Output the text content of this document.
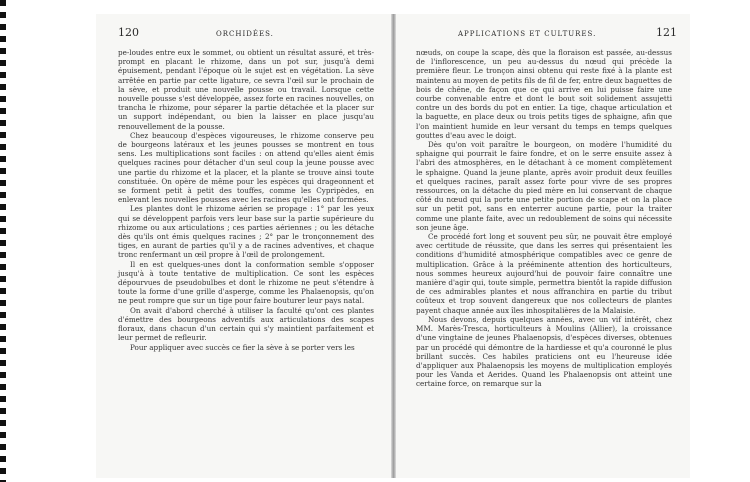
120	ORCHIDÉES.

pe-loudes entre eux le sommet, ou obtient un résultat assuré, et très-prompt en placant le rhizome, dans un pot sur, jusqu'à demi épuisement, pendant l'époque où le sujet est en végétation. La sève arrêtée en partie par cette ligature, ce sevra l'œil sur le prochain de la sève, et produit une nouvelle pousse ou travail. Lorsque cette nouvelle pousse s'est développée, assez forte en racines nouvelles, on trancha le rhizome, pour séparer la partie détachée et la placer sur un support indépendant, ou bien la laisser en place jusqu'au renouvellement de la pousse.

Chez beaucoup d'espèces vigoureuses, le rhizome conserve peu de bourgeons latéraux et les jeunes pousses se montrent en tous sens. Les multiplications sont faciles : on attend qu'elles aient émis quelques racines pour détacher d'un seul coup la jeune pousse avec une partie du rhizome et la placer, et la plante se trouve ainsi toute constituée. On opère de même pour les espèces qui drageonnent et se forment petit à petit des touffes, comme les Cypripèdes, en enlevant les nouvelles pousses avec les racines qu'elles ont formées.

Les plantes dont le rhizome aérien se propage : 1° par les yeux qui se développent parfois vers leur base sur la partie supérieure du rhizome ou aux articulations ; ces parties aériennes ; ou les détache dès qu'ils ont émis quelques racines ; 2° par le tronçonnement des tiges, en aurant de parties qu'il y a de racines adventives, et chaque tronc renfermant un œil propre à l'œil de prolongement.

Il en est quelques-unes dont la conformation semble s'opposer jusqu'à à toute tentative de multiplication. Ce sont les espèces dépourvues de pseudobulbes et dont le rhizome ne peut s'étendre à toute la forme d'une grille d'asperge, comme les Phalaenopsis, qu'on ne peut rompre que sur un tige pour faire bouturer leur pays natal.

On avait d'abord cherché à utiliser la faculté qu'ont ces plantes d'émettre des bourgeons adventifs aux articulations des scapes floraux, dans chacun d'un certain qui s'y maintient parfaitement et leur permet de refleurir.

Pour appliquer avec succès ce fier la sève à se porter vers les

APPLICATIONS ET CULTURES.	121

nœuds, on coupe la scape, dès que la floraison est passée, au-dessus de l'inflorescence, un peu au-dessus du nœud qui précède la première fleur. Le tronçon ainsi obtenu qui reste fixé à la plante est maintenu au moyen de petits fils de fil de fer, entre deux baguettes de bois de chêne, de façon que ce qui arrive en lui puisse faire une courbe convenable entre et dont le bout soit solidement assujetti contre un des bords du pot en entier. La tige, chaque articulation et la baguette, en place deux ou trois petits tiges de sphaigne, afin que l'on maintient humide en leur versant du temps en temps quelques gouttes d'eau avec le doigt.

Dès qu'on voit paraître le bourgeon, on modère l'humidité du sphaigne qui pourrait le faire fondre, et on le serre ensuite assez à l'abri des atmosphères, en le détachant à ce moment complètement le sphaigne. Quand la jeune plante, après avoir produit deux feuilles et quelques racines, paraît assez forte pour vivre de ses propres ressources, on la détache du pied mère en lui conservant de chaque côté du nœud qui la porte une petite portion de scape et on la place sur un petit pot, sans en enterrer aucune partie, pour la traiter comme une plante faite, avec un redoublement de soins qui nécessite son jeune âge.

Ce procédé fort long et souvent peu sûr, ne pouvait être employé avec certitude de réussite, que dans les serres qui présentaient les conditions d'humidité atmosphérique compatibles avec ce genre de multiplication. Grâce à la prééminente attention des horticulteurs, nous sommes heureux aujourd'hui de pouvoir faire connaître une manière d'agir qui, toute simple, permettra bientôt la rapide diffusion de ces admirables plantes et nous affranchira en partie du tribut coûteux et trop souvent dangereux que nos collecteurs de plantes payent chaque année aux îles inhospitalières de la Malaisie.

Nous devons, depuis quelques années, avec un vif intérêt, chez MM. Marès-Tresca, horticulteurs à Moulins (Allier), la croissance d'une vingtaine de jeunes Phalaenopsis, d'espèces diverses, obtenues par un procédé qui démontre de la hardiesse et qu'a couronné le plus brillant succès. Ces habiles praticiens ont eu l'heureuse idée d'appliquer aux Phalaenopsis les moyens de multiplication employés pour les Vanda et Aerides. Quand les Phalaenopsis ont atteint une certaine force, on remarque sur la
